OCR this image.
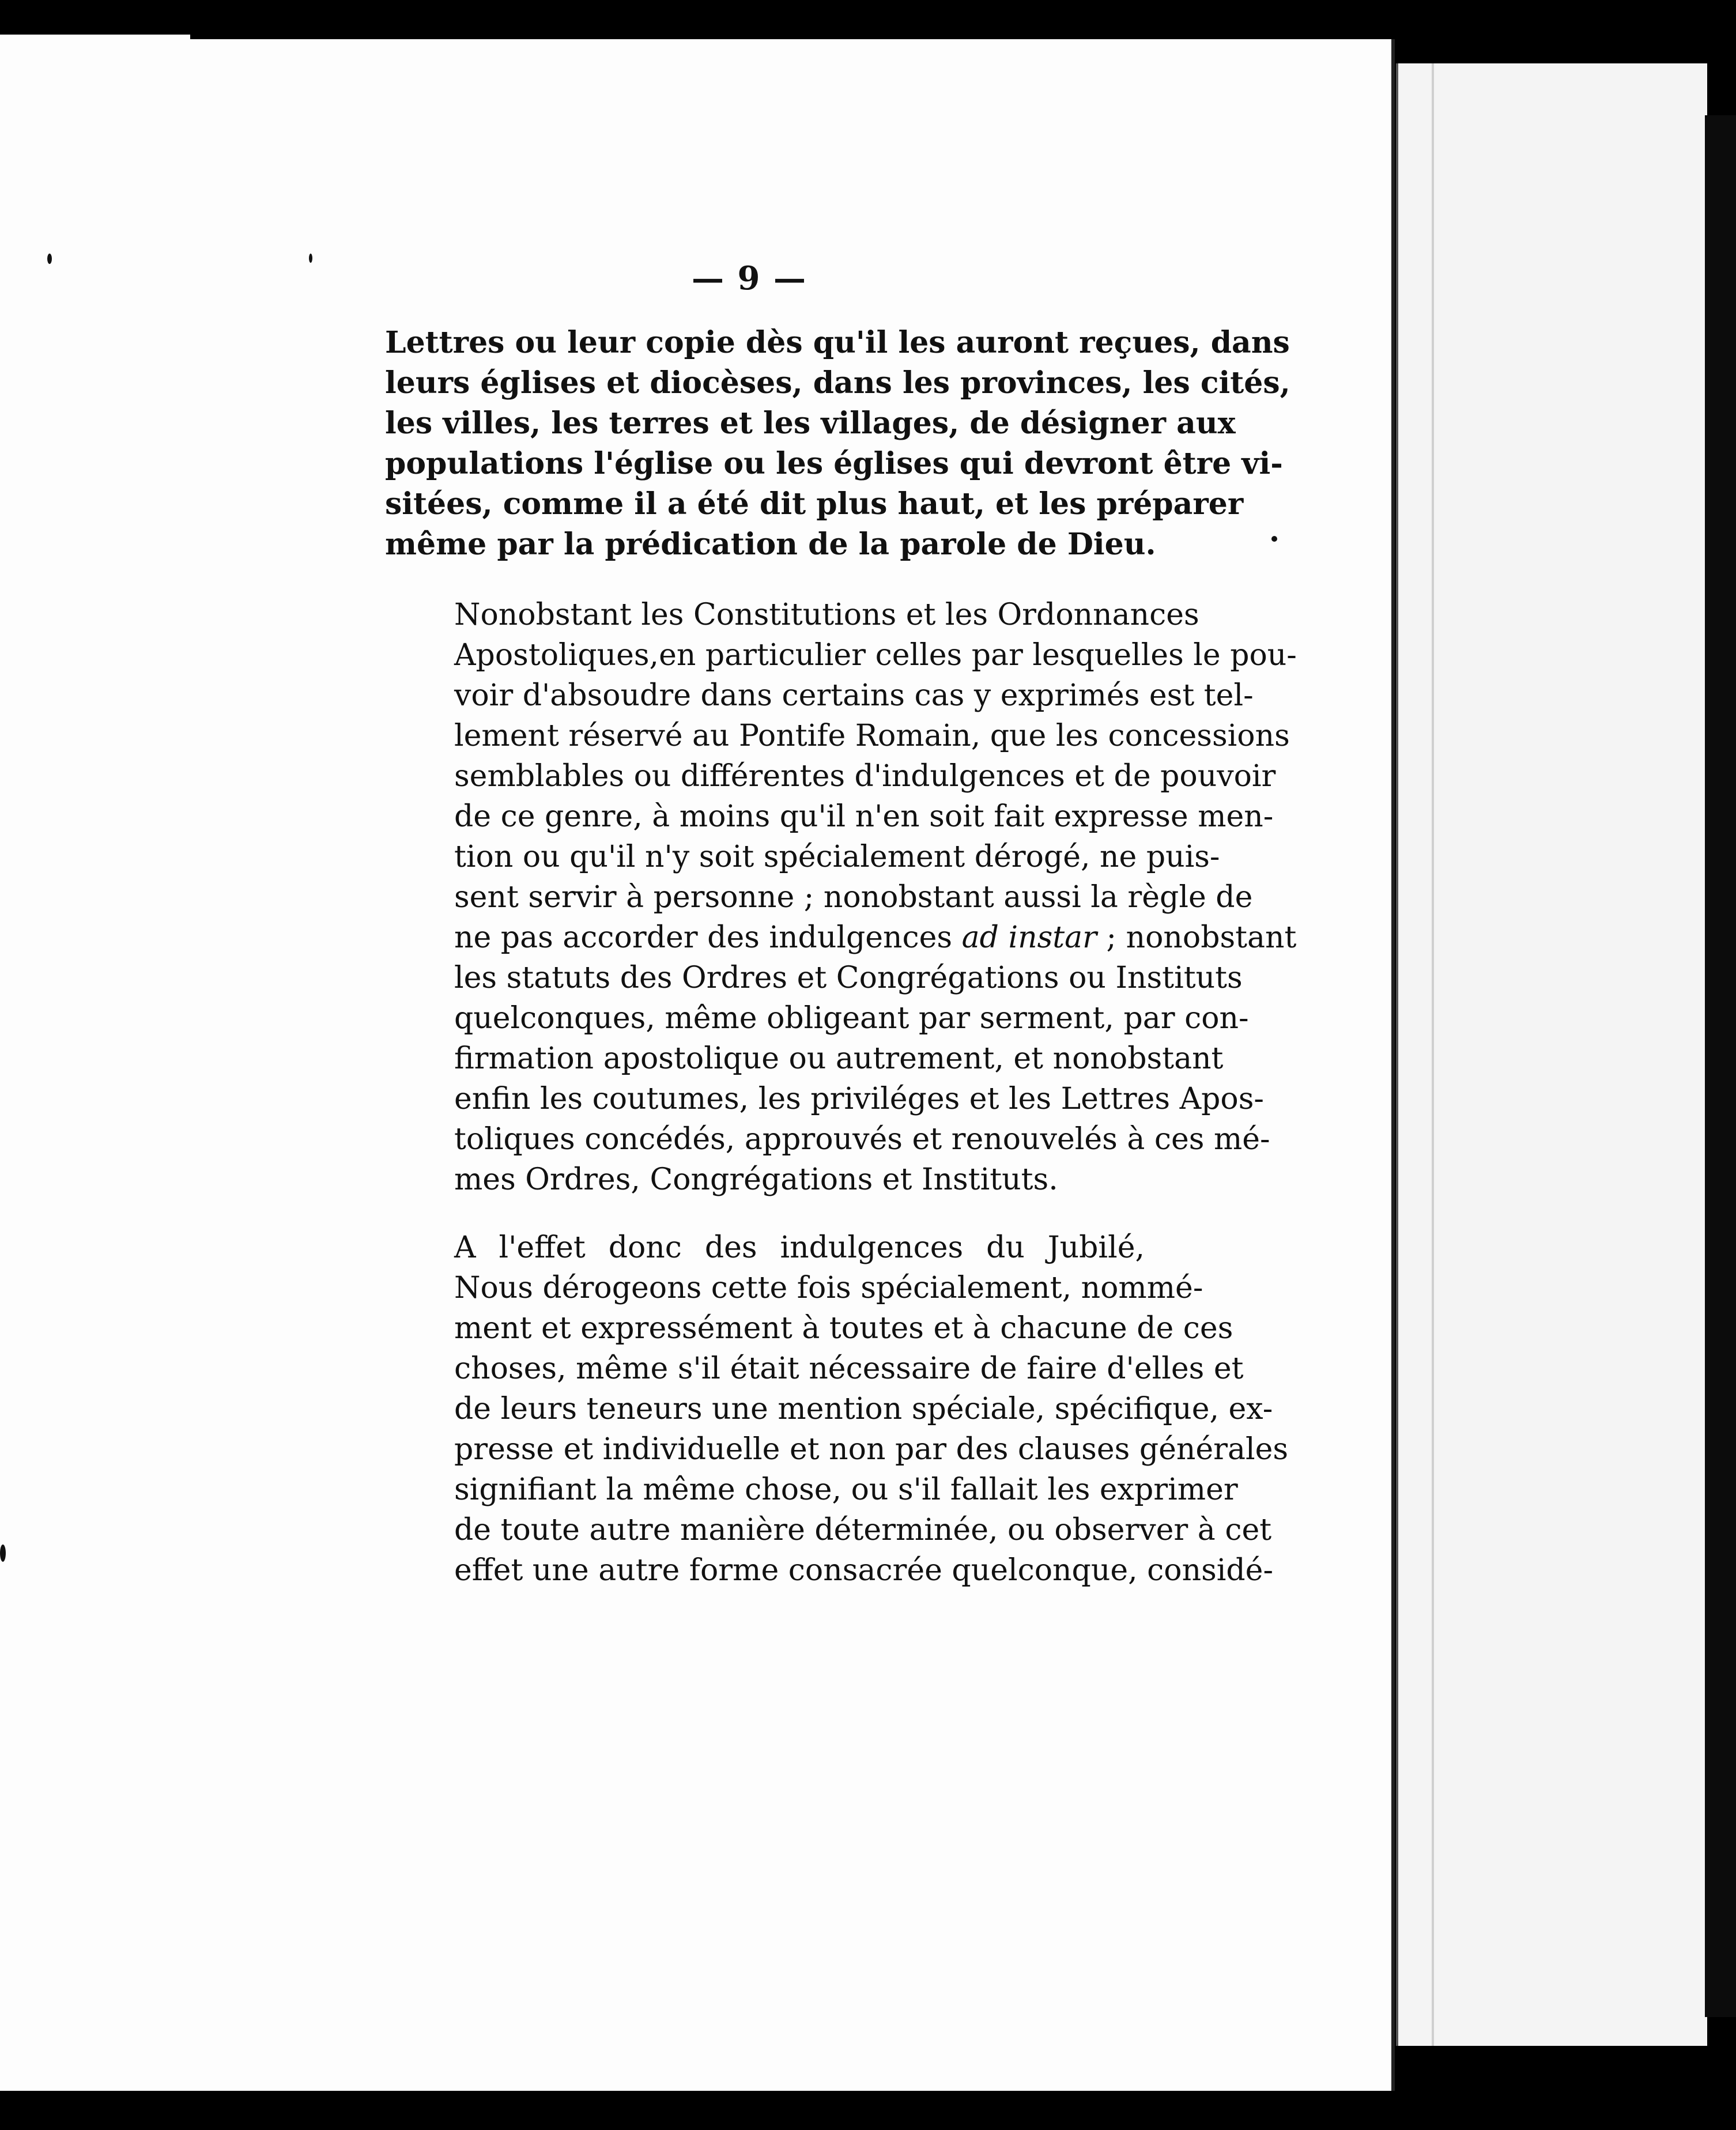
— 9 —

Lettres ou leur copie dès qu'il les auront reçues, dans
leurs églises et diocèses, dans les provinces, les cités,
les villes, les terres et les villages, de désigner aux
populations l'église ou les églises qui devront être vi-
sitées, comme il a été dit plus haut, et les préparer
même par la prédication de la parole de Dieu.

Nonobstant les Constitutions et les Ordonnances
Apostoliques,en particulier celles par lesquelles le pou-
voir d'absoudre dans certains cas y exprimés est tel-
lement réservé au Pontife Romain, que les concessions
semblables ou différentes d'indulgences et de pouvoir
de ce genre, à moins qu'il n'en soit fait expresse men-
tion ou qu'il n'y soit spécialement dérogé, ne puis-
sent servir à personne ; nonobstant aussi la règle de
ne pas accorder des indulgences ad instar ; nonobstant
les statuts des Ordres et Congrégations ou Instituts
quelconques, même obligeant par serment, par con-
firmation apostolique ou autrement, et nonobstant
enfin les coutumes, les priviléges et les Lettres Apos-
toliques concédés, approuvés et renouvelés à ces mé-
mes Ordres, Congrégations et Instituts.

A l'effet donc des indulgences du Jubilé,
Nous dérogeons cette fois spécialement, nommé-
ment et expressément à toutes et à chacune de ces
choses, même s'il était nécessaire de faire d'elles et
de leurs teneurs une mention spéciale, spécifique, ex-
presse et individuelle et non par des clauses générales
signifiant la même chose, ou s'il fallait les exprimer
de toute autre manière déterminée, ou observer à cet
effet une autre forme consacrée quelconque, considé-
